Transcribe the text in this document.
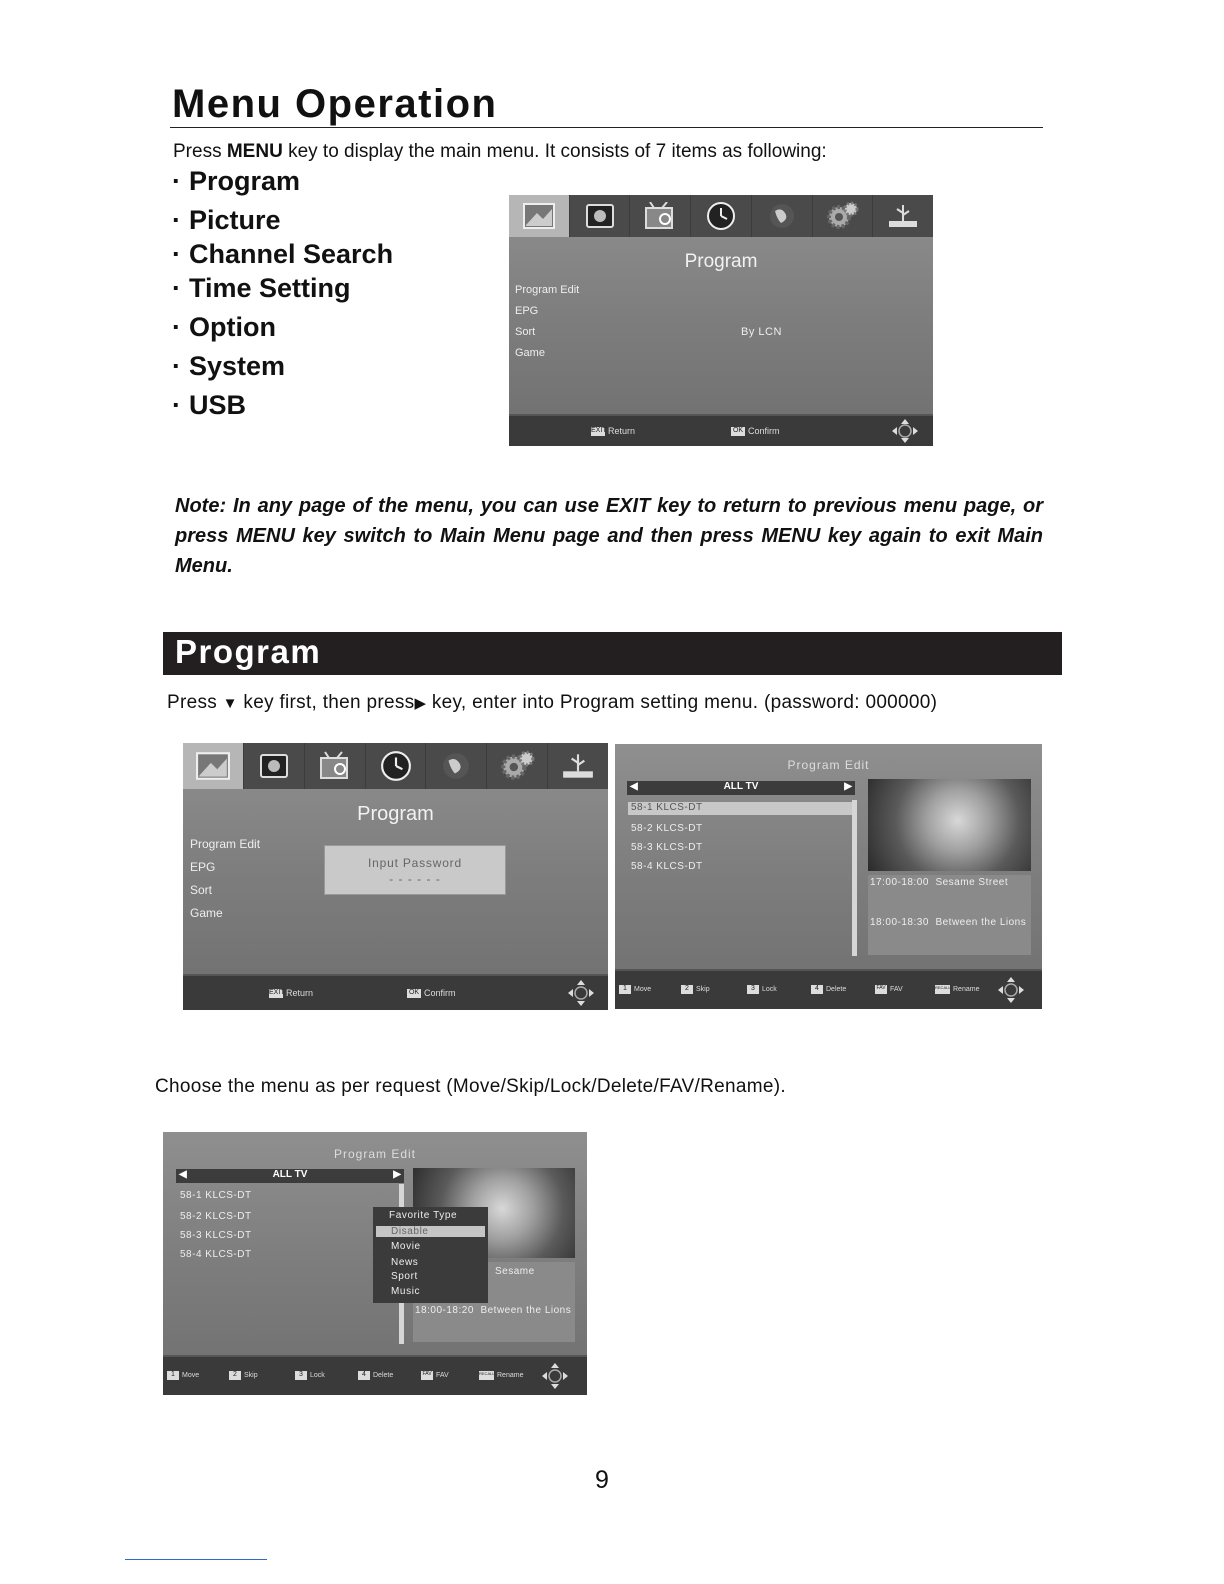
Menu Operation
Press MENU key to display the main menu. It consists of 7 items as following:
· Program
· Picture
· Channel Search
· Time Setting
· Option
· System
· USB
Program
Program Edit
EPG
Sort
Game
By LCN
EXIT Return	OK Confirm
Note: In any page of the menu, you can use EXIT key to return to previous menu page, or press MENU key switch to Main Menu page and then press MENU key again to exit Main Menu.
Program
Press ▼ key first, then press▶ key, enter into Program setting menu. (password: 000000)
Program
Program Edit
EPG
Sort
Game
Input Password
- - - - - -
EXIT Return	OK Confirm
Program Edit
◀	ALL TV	▶
58-1 KLCS-DT
58-2 KLCS-DT
58-3 KLCS-DT
58-4 KLCS-DT
17:00-18:00 Sesame Street
18:00-18:30 Between the Lions
1	Move	2	Skip	3	Lock	4	Delete	FAV FAV	RECALL Rename
Choose the menu as per request (Move/Skip/Lock/Delete/FAV/Rename).
Program Edit
◀	ALL TV	▶
58-1 KLCS-DT
58-2 KLCS-DT
58-3 KLCS-DT
58-4 KLCS-DT
Sesame
18:00-18:20 Between the Lions
Favorite Type
Disable
Movie
News
Sport
Music
1	Move	2	Skip	3	Lock	4	Delete	FAV FAV	RECALL Rename
9
